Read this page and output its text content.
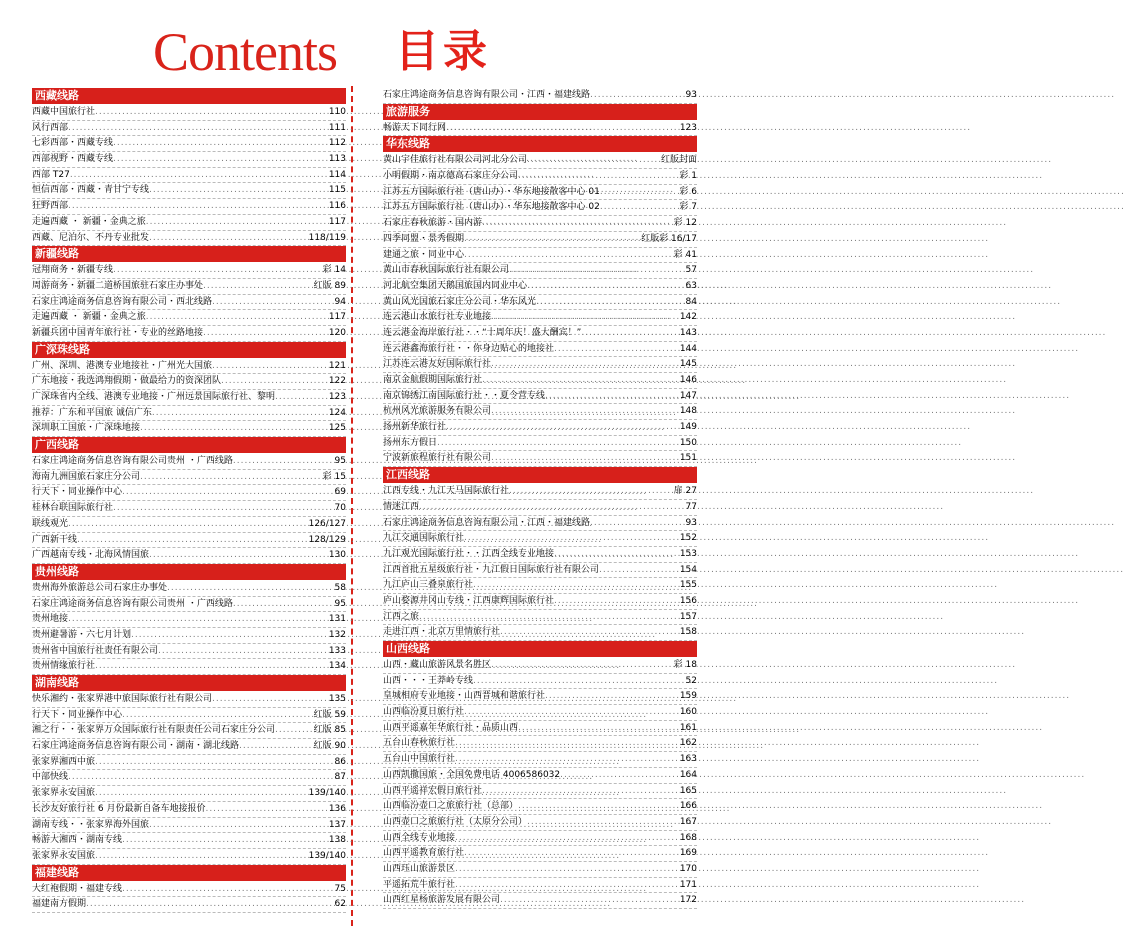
Contents 目录
西藏线路
西藏中国旅行社 .....	110
风行西部 .....	111
七彩西部・西藏专线 .....	112
西部视野・西藏专线 .....	113
西部 T27 .....	114
恒信西部・西藏・青甘宁专线 .....	115
狂野西部 .....	116
走遍西藏 ・ 新疆・金典之旅 .....	117
西藏、尼泊尔、不丹专业批发 .....	118/119
新疆线路
冠翔商务・新疆专线 .....	彩 14
周游商务・新疆二道桥国旅驻石家庄办事处 .....	红版 89
石家庄鸿途商务信息咨询有限公司・西北线路 .....	94
走遍西藏 ・ 新疆・金典之旅 .....	117
新疆兵团中国青年旅行社・专业的丝路地接 .....	120
广深珠线路
广州、深圳、港澳专业地接社・广州光大国旅 .....	121
广东地接・我选鸿翔假期・做最给力的资深团队 .....	122
广深珠省内全线、港澳专业地接・广州远景国际旅行社、黎明 .....	123
推荐：广东和平国旅 诚信广东 .....	124
深圳职工国旅・广深珠地接 .....	125
广西线路
石家庄鸿途商务信息咨询有限公司贵州 ・广西线路 .....	95
海南九洲国旅石家庄分公司 .....	彩 15
行天下・同业操作中心 .....	69
桂林台联国际旅行社 .....	70
联线观光 .....	126/127
广西新干线 .....	128/129
广西越南专线・北海风情国旅 .....	130
贵州线路
贵州海外旅游总公司石家庄办事处 .....	58
石家庄鸿途商务信息咨询有限公司贵州 ・广西线路 .....	95
贵州地接 .....	131
贵州避暑游・六七月计划 .....	132
贵州省中国旅行社责任有限公司 .....	133
贵州情缘旅行社 .....	134
湖南线路
快乐湘约・张家界港中旅国际旅行社有限公司 .....	135
行天下・同业操作中心 .....	红版 59
湘之行・・张家界万众国际旅行社有限责任公司石家庄分公司 .....	红版 85
石家庄鸿途商务信息咨询有限公司・湖南・湖北线路 .....	红版 90
张家界湘西中旅 .....	86
中部快线 .....	87
张家界永安国旅 .....	139/140
长沙友好旅行社 6 月份最新自备车地接报价 .....	136
湖南专线・・张家界海外国旅 .....	137
畅游大湘西・湖南专线 .....	138
张家界永安国旅 .....	139/140
福建线路
大红袍假期・福建专线 .....	75
福建南方假期 .....	62
石家庄鸿途商务信息咨询有限公司・江西・福建线路 .....	93
旅游服务
畅游天下同行网 .....	123
华东线路
黄山宇佳旅行社有限公司河北分公司 .....	红版封面
小明假期・南京德高石家庄分公司 .....	彩 1
江苏五方国际旅行社（唐山办）・华东地接散客中心 01 .....	彩 6
江苏五方国际旅行社（唐山办）・华东地接散客中心 02 .....	彩 7
石家庄春秋旅游・国内游 .....	彩 12
四季同盟・景秀假期 .....	红版彩 16/17
建通之旅・同业中心 .....	彩 41
黄山市春秋国际旅行社有限公司 .....	57
河北航空集团天鹅国旅国内同业中心 .....	63
黄山风光国旅石家庄分公司・华东风光 .....	84
连云港山水旅行社专业地接 .....	142
连云港金海岸旅行社・・“十周年庆！盛大酬宾！” .....	143
连云港鑫海旅行社・・你身边贴心的地接社 .....	144
江苏连云港友好国际旅行社 .....	145
南京金航假期国际旅行社 .....	146
南京锦绣江南国际旅行社・・夏令营专线 .....	147
杭州风光旅游服务有限公司 .....	148
扬州新华旅行社 .....	149
扬州东方假日 .....	150
宁波新旅程旅行社有限公司 .....	151
江西线路
江西专线・九江天马国际旅行社 .....	扉 27
情迷江西 .....	77
石家庄鸿途商务信息咨询有限公司・江西・福建线路 .....	93
九江交通国际旅行社 .....	152
九江观光国际旅行社・・江西全线专业地接 .....	153
江西首批五星级旅行社・九江假日国际旅行社有限公司 .....	154
九江庐山三叠泉旅行社 .....	155
庐山婺源井冈山专线・江西康辉国际旅行社 .....	156
江西之旅 .....	157
走进江西・北京万里情旅行社 .....	158
山西线路
山西・藏山旅游风景名胜区 .....	彩 18
山西・・・王莽岭专线 .....	52
皇城相府专业地接・山西晋城和谐旅行社 .....	159
山西临汾夏日旅行社 .....	160
山西平遥嘉年华旅行社・品质山西 .....	161
五台山春秋旅行社 .....	162
五台山中国旅行社 .....	163
山西凯撒国旅・全国免费电话 4006586032 .....	164
山西平遥祥宏假日旅行社 .....	165
山西临汾壶口之旅旅行社（总部） .....	166
山西壶口之旅旅行社（太原分公司） .....	167
山西全线专业地接 .....	168
山西平遥教育旅行社 .....	169
山西珏山旅游景区 .....	170
平遥拓荒牛旅行社 .....	171
山西红星杨旅游发展有限公司 .....	172
